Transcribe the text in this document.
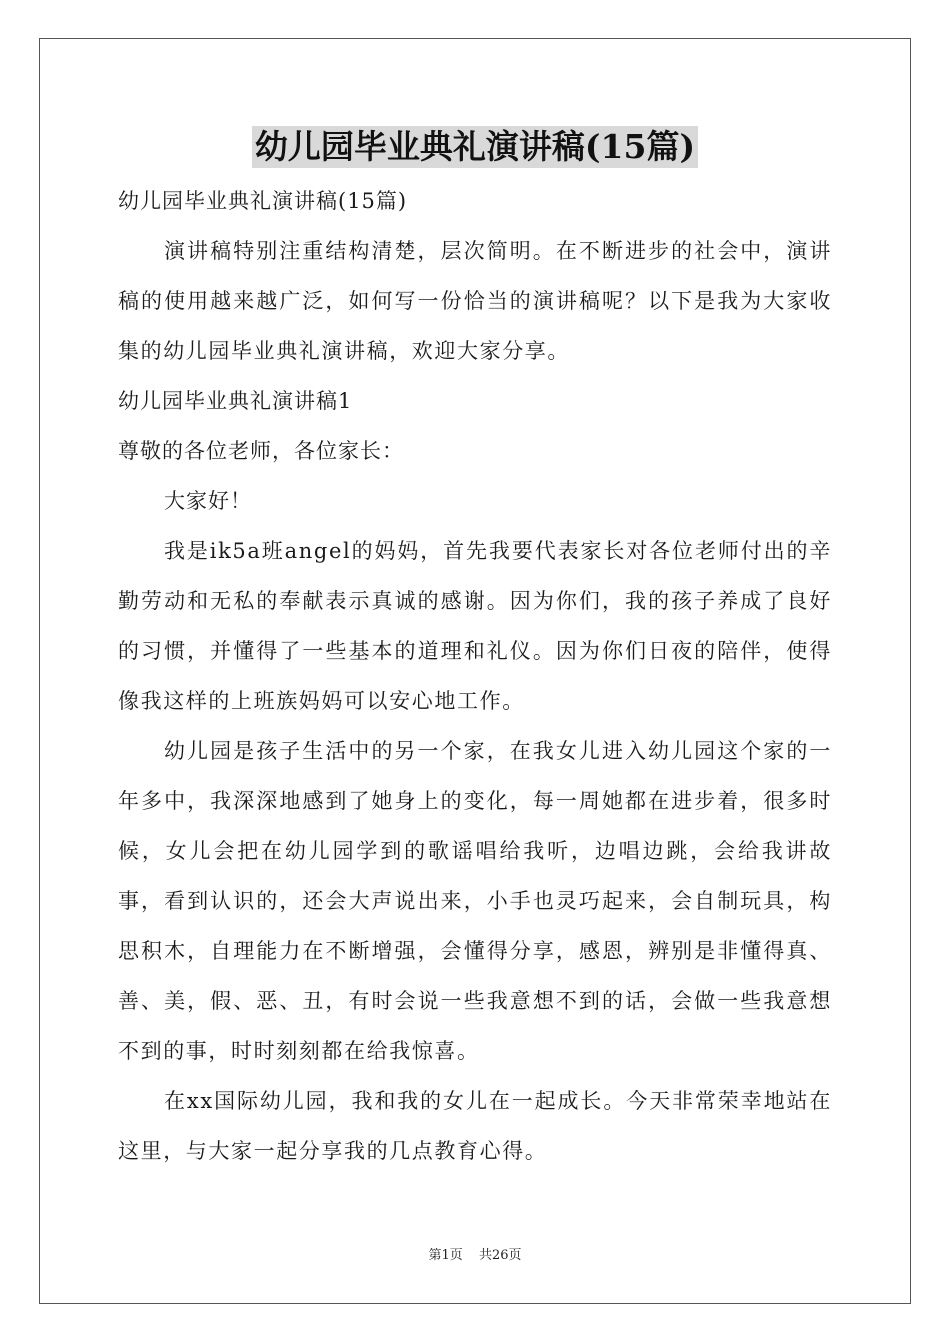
幼儿园毕业典礼演讲稿(15篇)
幼儿园毕业典礼演讲稿(15篇)

演讲稿特别注重结构清楚，层次简明。在不断进步的社会中，演讲稿的使用越来越广泛，如何写一份恰当的演讲稿呢？以下是我为大家收集的幼儿园毕业典礼演讲稿，欢迎大家分享。

幼儿园毕业典礼演讲稿1
尊敬的各位老师，各位家长：
大家好！

我是ik5a班angel的妈妈，首先我要代表家长对各位老师付出的辛勤劳动和无私的奉献表示真诚的感谢。因为你们，我的孩子养成了良好的习惯，并懂得了一些基本的道理和礼仪。因为你们日夜的陪伴，使得像我这样的上班族妈妈可以安心地工作。

幼儿园是孩子生活中的另一个家，在我女儿进入幼儿园这个家的一年多中，我深深地感到了她身上的变化，每一周她都在进步着，很多时候，女儿会把在幼儿园学到的歌谣唱给我听，边唱边跳，会给我讲故事，看到认识的，还会大声说出来，小手也灵巧起来，会自制玩具，构思积木，自理能力在不断增强，会懂得分享，感恩，辨别是非懂得真、善、美，假、恶、丑，有时会说一些我意想不到的话，会做一些我意想不到的事，时时刻刻都在给我惊喜。

在xx国际幼儿园，我和我的女儿在一起成长。今天非常荣幸地站在这里，与大家一起分享我的几点教育心得。

第1页 共26页
